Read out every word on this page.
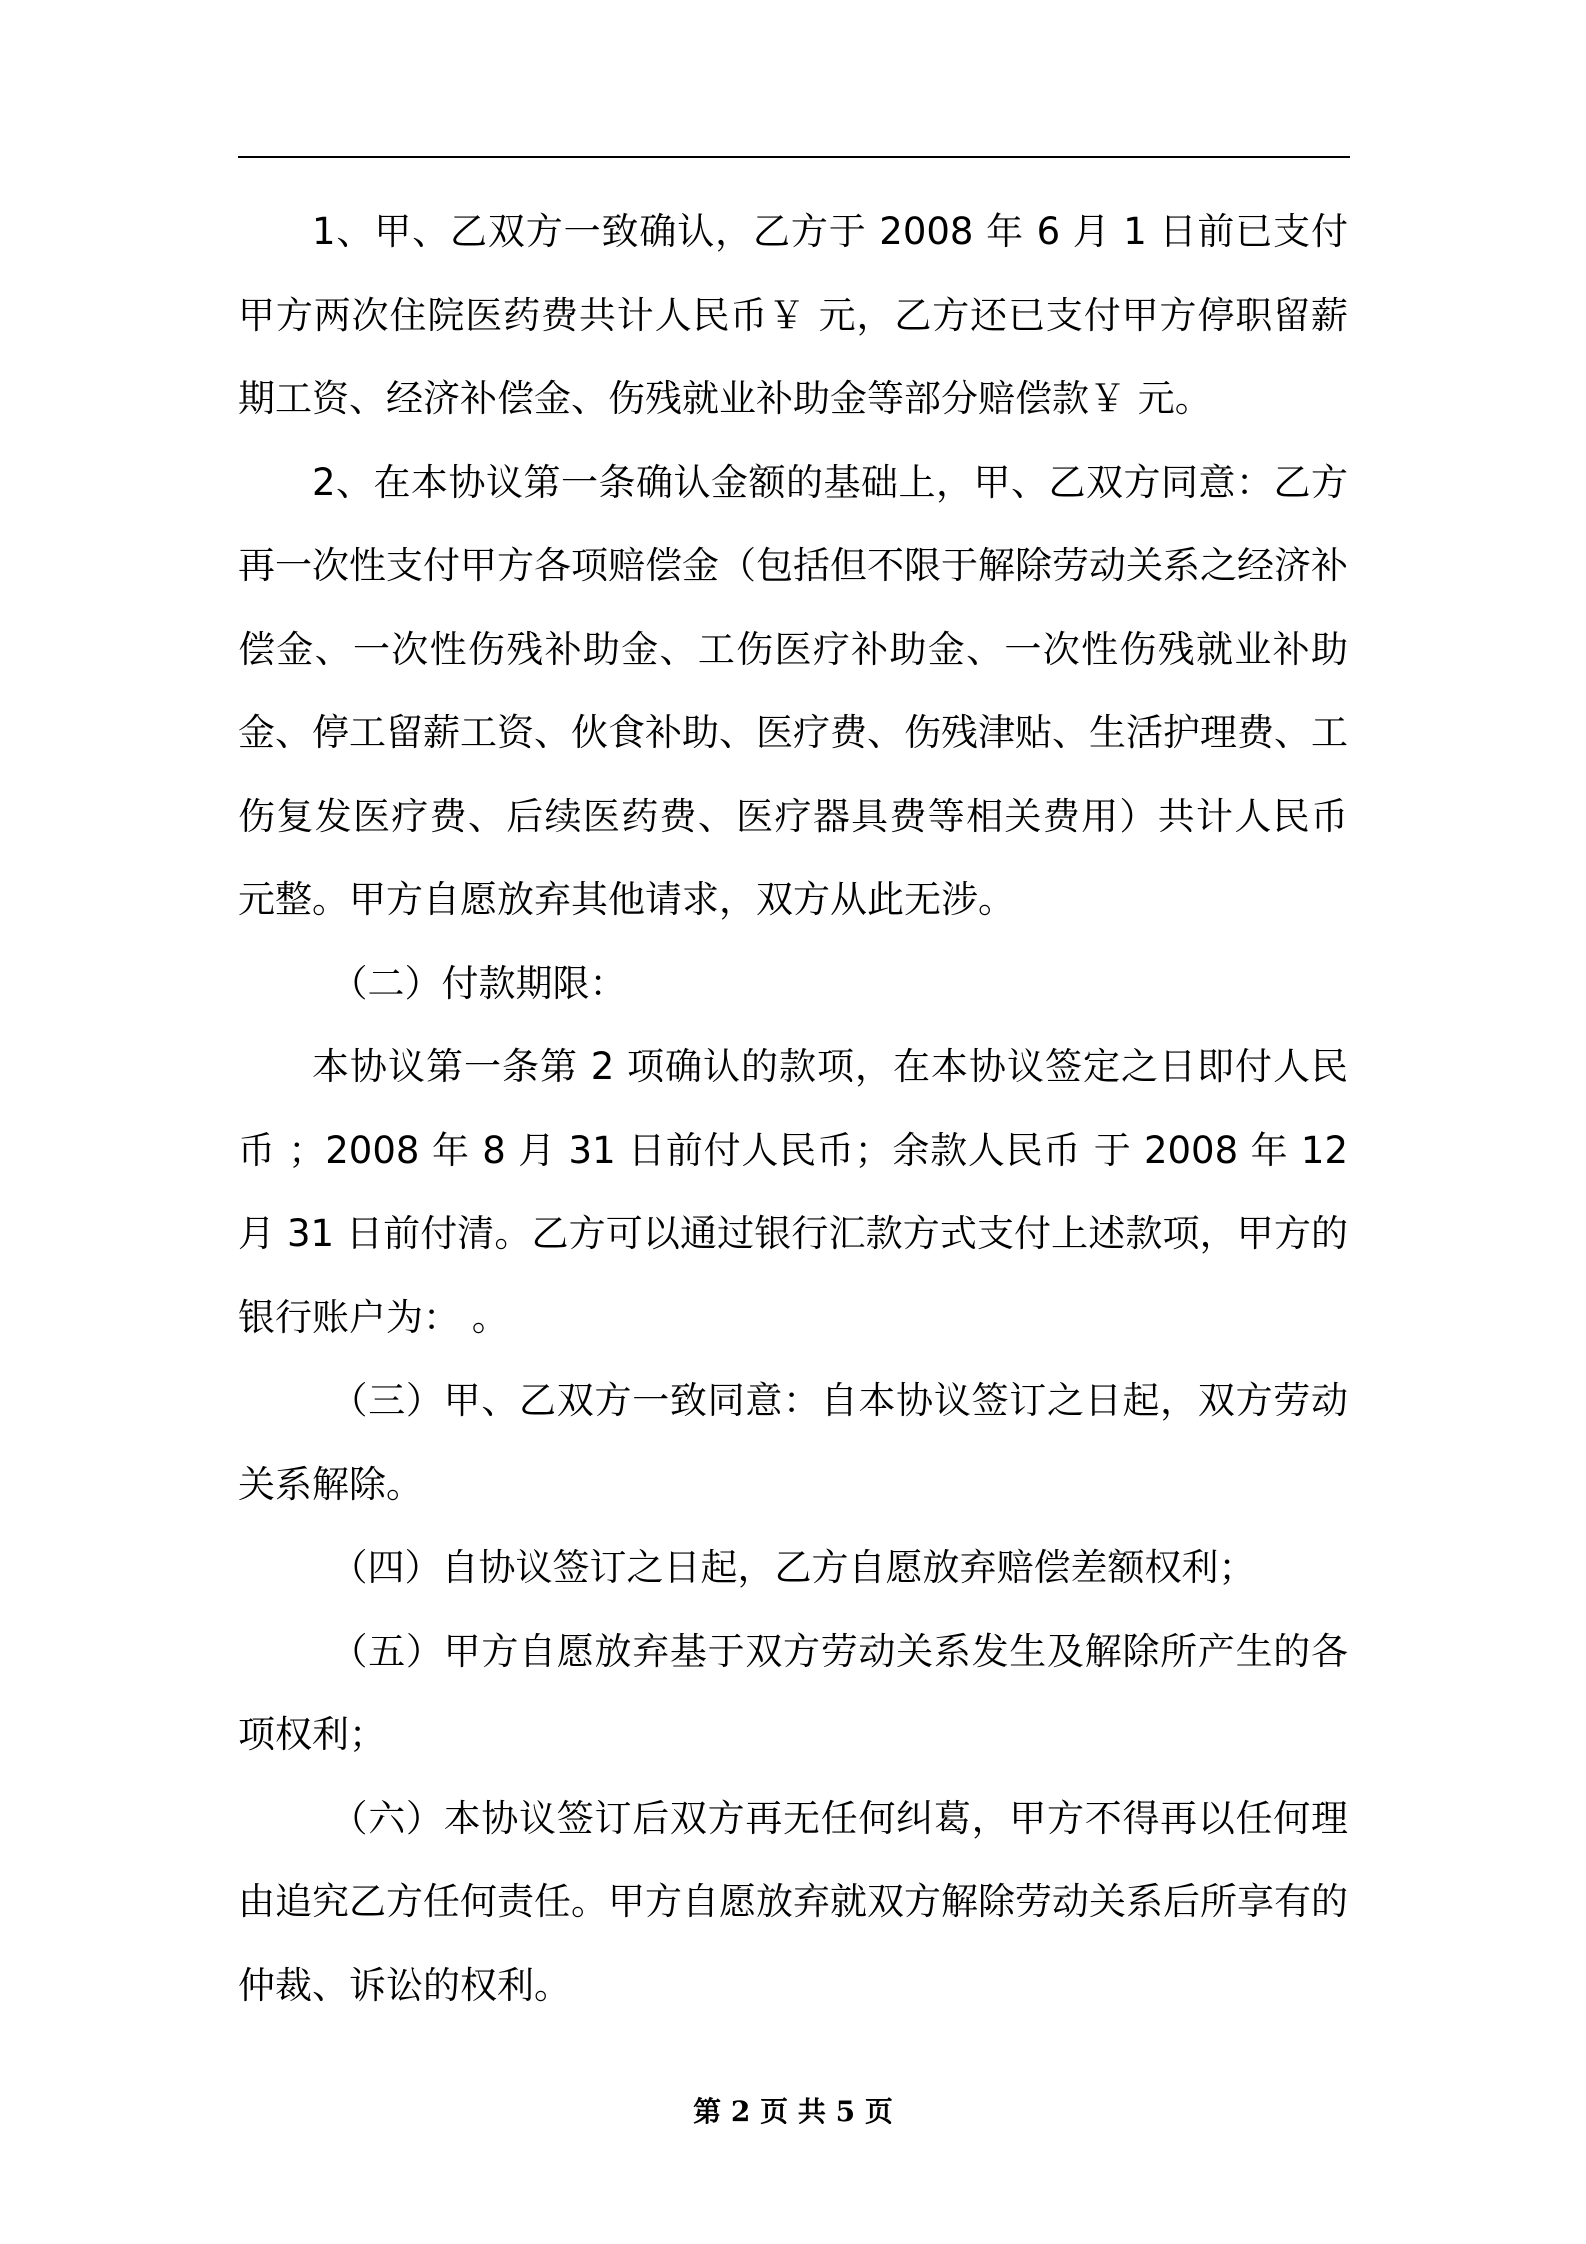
1、甲、乙双方一致确认，乙方于 2008 年 6 月 1 日前已支付甲方两次住院医药费共计人民币￥ 元，乙方还已支付甲方停职留薪期工资、经济补偿金、伤残就业补助金等部分赔偿款￥ 元。

2、在本协议第一条确认金额的基础上，甲、乙双方同意：乙方再一次性支付甲方各项赔偿金（包括但不限于解除劳动关系之经济补偿金、一次性伤残补助金、工伤医疗补助金、一次性伤残就业补助金、停工留薪工资、伙食补助、医疗费、伤残津贴、生活护理费、工伤复发医疗费、后续医药费、医疗器具费等相关费用）共计人民币 元整。甲方自愿放弃其他请求，双方从此无涉。

（二）付款期限：

本协议第一条第 2 项确认的款项，在本协议签定之日即付人民币 ；2008 年 8 月 31 日前付人民币；余款人民币 于 2008 年 12 月 31 日前付清。乙方可以通过银行汇款方式支付上述款项，甲方的银行账户为： 。

（三）甲、乙双方一致同意：自本协议签订之日起，双方劳动关系解除。

（四）自协议签订之日起，乙方自愿放弃赔偿差额权利；

（五）甲方自愿放弃基于双方劳动关系发生及解除所产生的各项权利；

（六）本协议签订后双方再无任何纠葛，甲方不得再以任何理由追究乙方任何责任。甲方自愿放弃就双方解除劳动关系后所享有的仲裁、诉讼的权利。

第 2 页 共 5 页
